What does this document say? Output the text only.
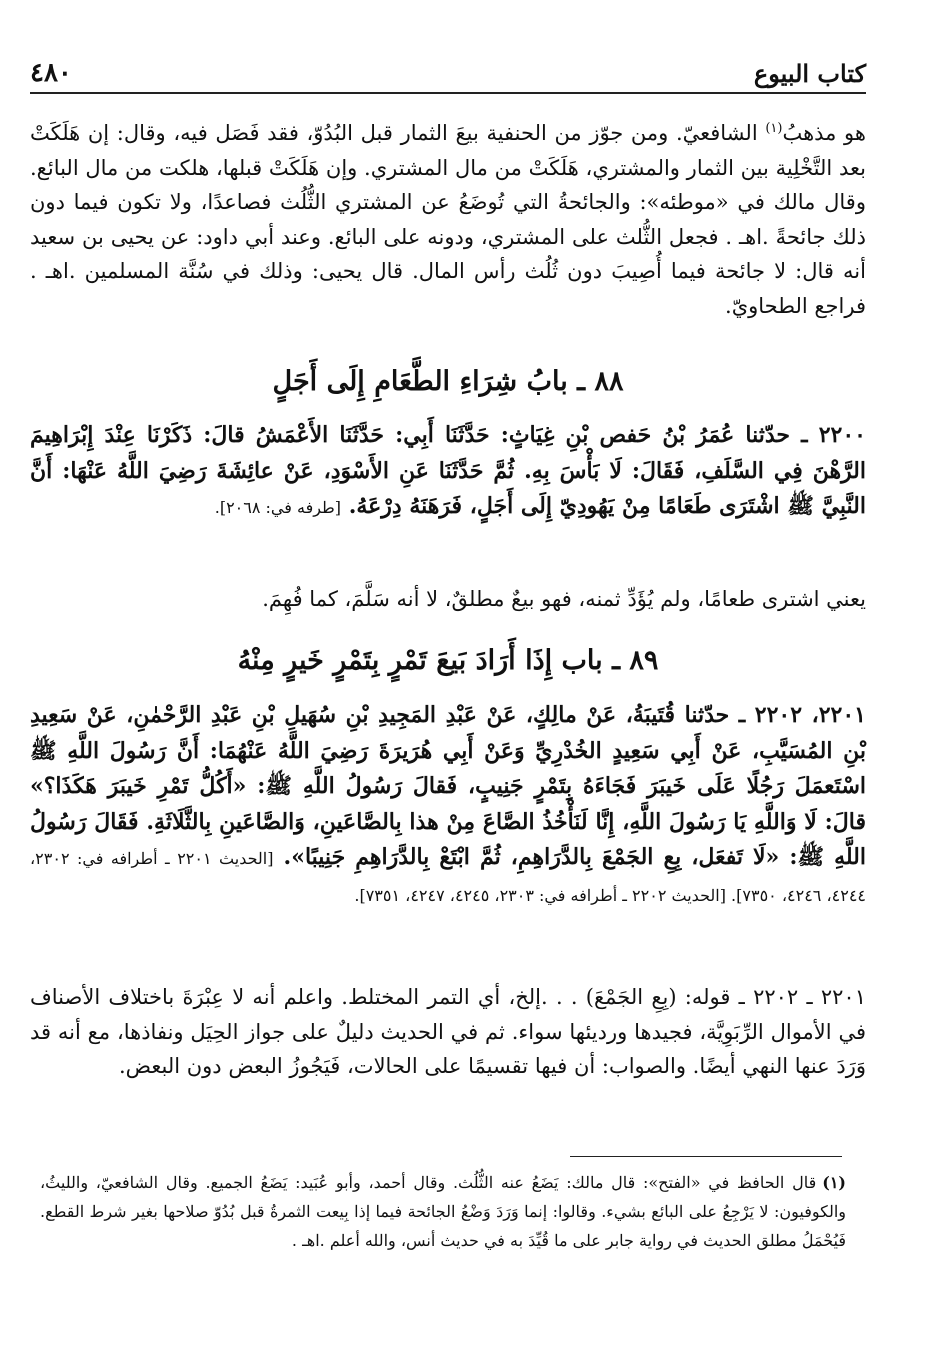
كتاب البيوع
٤٨٠
هو مذهبُ$^{(١)}$ الشافعيّ. ومن جوّز من الحنفية بيعَ الثمار قبل البُدُوّ، فقد فَصَل فيه، وقال: إن هَلَكَتْ بعد التَّخْلِية بين الثمار والمشتري، هَلَكَتْ من مال المشتري. وإن هَلَكَتْ قبلها، هلكت من مال البائع. وقال مالك في «موطئه»: والجائحةُ التي تُوضَعُ عن المشتري الثُّلُث فصاعدًا، ولا تكون فيما دون ذلك جائحةً .اهـ . فجعل الثُّلث على المشتري، ودونه على البائع. وعند أبي داود: عن يحيى بن سعيد أنه قال: لا جائحة فيما أُصِيبَ دون ثُلُث رأس المال. قال يحيى: وذلك في سُنَّة المسلمين .اهـ . فراجع الطحاويّ.
٨٨ ـ بابُ شِرَاءِ الطَّعَامِ إِلَى أَجَلٍ
٢٢٠٠ ـ حدّثنا عُمَرُ بْنُ حَفص بْنِ غِيَاثٍ: حَدَّثَنَا أَبِي: حَدَّثَنَا الأَعْمَشُ قالَ: ذَكَرْنَا عِنْدَ إِبْرَاهِيمَ الرَّهْنَ فِي السَّلَفِ، فَقَالَ: لَا بَأْسَ بِهِ. ثُمَّ حَدَّثَنَا عَنِ الأَسْوَدِ، عَنْ عائِشَةَ رَضِيَ اللَّهُ عَنْهَا: أَنَّ النَّبِيَّ ﷺ اشْتَرَى طَعَامًا مِنْ يَهُودِيّ إِلَى أَجَلٍ، فَرَهَنَهُ دِرْعَهُ. [طرفه في: ٢٠٦٨].
يعني اشترى طعامًا، ولم يُؤَدِّ ثمنه، فهو بيعٌ مطلقٌ، لا أنه سَلَّمَ، كما فُهِمَ.
٨٩ ـ باب إِذَا أَرَادَ بَيعَ تَمْرٍ بِتَمْرٍ خَيرٍ مِنْهُ
٢٢٠١، ٢٢٠٢ ـ حدّثنا قُتَيبَةُ، عَنْ مالِكٍ، عَنْ عَبْدِ المَجِيدِ بْنِ سُهَيلِ بْنِ عَبْدِ الرَّحْمٰنِ، عَنْ سَعِيدِ بْنِ المُسَيَّبِ، عَنْ أَبِي سَعِيدٍ الخُدْرِيِّ وَعَنْ أَبِي هُرَيرَةَ رَضِيَ اللَّهُ عَنْهُمَا: أَنَّ رَسُولَ اللَّهِ ﷺ اسْتَعمَلَ رَجُلًا عَلَى خَيبَرَ فَجَاءَهُ بِتَمْرٍ جَنِيبٍ، فَقالَ رَسُولُ اللَّهِ ﷺ: «أَكُلُّ تَمْرِ خَيبَرَ هَكَذَا؟» قالَ: لَا وَاللَّهِ يَا رَسُولَ اللَّهِ، إِنَّا لَنَأْخُذُ الصَّاعَ مِنْ هذا بِالصَّاعَينِ، وَالصَّاعَينِ بِالثَّلَاثَةِ. فَقَالَ رَسُولُ اللَّهِ ﷺ: «لَا تَفعَل، بِعِ الجَمْعَ بِالدَّرَاهِمِ، ثُمَّ ابْتَعْ بِالدَّرَاهِمِ جَنِيبًا». [الحديث ٢٢٠١ ـ أطرافه في: ٢٣٠٢، ٤٢٤٤، ٤٢٤٦، ٧٣٥٠]. [الحديث ٢٢٠٢ ـ أطرافه في: ٢٣٠٣، ٤٢٤٥، ٤٢٤٧، ٧٣٥١].
٢٢٠١ ـ ٢٢٠٢ ـ قوله: (بِعِ الجَمْعَ) . . .إلخ، أي التمر المختلط. واعلم أنه لا عِبْرَةَ باختلاف الأصناف في الأموال الرِّبَوِيَّة، فجيدها ورديئها سواء. ثم في الحديث دليلٌ على جواز الحِيَل ونفاذها، مع أنه قد وَرَدَ عنها النهي أيضًا. والصواب: أن فيها تقسيمًا على الحالات، فَيَجُوزُ البعض دون البعض.
(١)قال الحافظ في «الفتح»: قال مالك: يَضَعُ عنه الثُّلُث. وقال أحمد، وأبو عُبَيد: يَضَعُ الجميع. وقال الشافعيّ، والليثُ، والكوفيون: لا يَرْجِعُ على البائع بشيء. وقالوا: إنما وَرَدَ وَضْعُ الجائحة فيما إذا بِيعت الثمرةُ قبل بُدُوّ صلاحها بغير شرط القطع. فَيُحْمَلُ مطلق الحديث في رواية جابر على ما قُيِّدَ به في حديث أنس، والله أعلم .اهـ .
